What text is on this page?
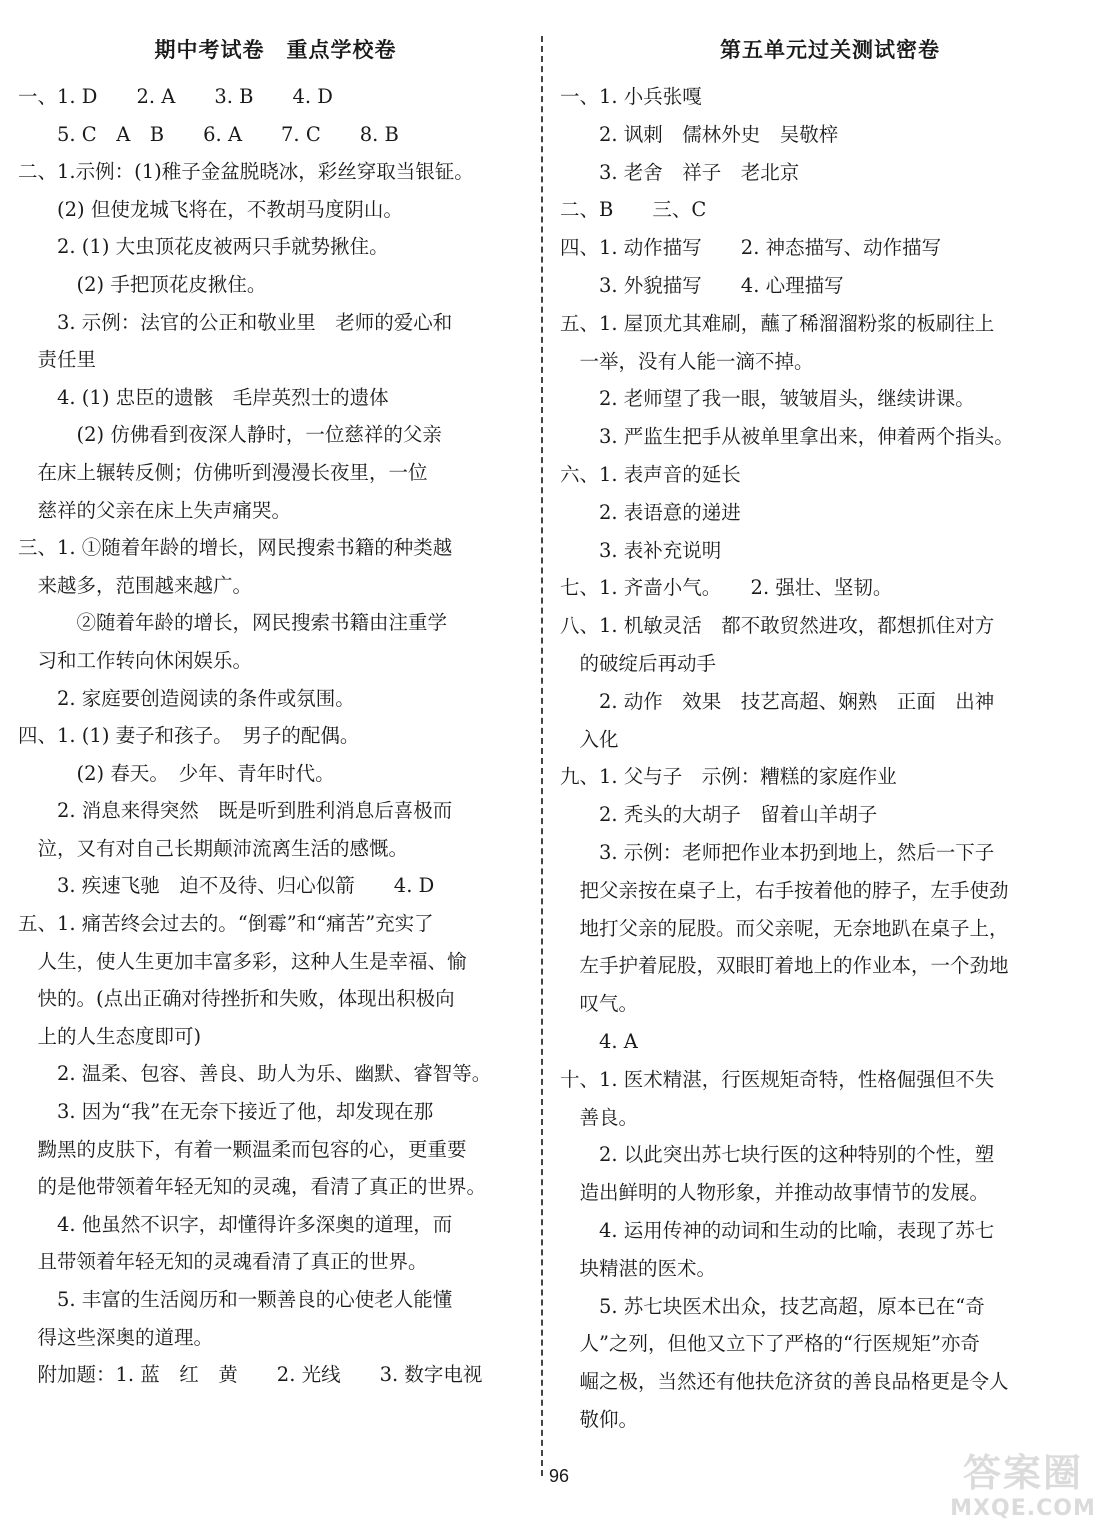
期中考试卷　重点学校卷
一、1. D　　2. A　　3. B　　4. D
　　5. C　A　B　　6. A　　7. C　　8. B
二、1.示例：(1)稚子金盆脱晓冰，彩丝穿取当银钲。
　　(2) 但使龙城飞将在，不教胡马度阴山。
　　2. (1) 大虫顶花皮被两只手就势揪住。
　　　(2) 手把顶花皮揪住。
　　3. 示例：法官的公正和敬业里　老师的爱心和
　责任里
　　4. (1) 忠臣的遗骸　毛岸英烈士的遗体
　　　(2) 仿佛看到夜深人静时，一位慈祥的父亲
　在床上辗转反侧；仿佛听到漫漫长夜里，一位
　慈祥的父亲在床上失声痛哭。
三、1. ①随着年龄的增长，网民搜索书籍的种类越
　来越多，范围越来越广。
　　　②随着年龄的增长，网民搜索书籍由注重学
　习和工作转向休闲娱乐。
　　2. 家庭要创造阅读的条件或氛围。
四、1. (1) 妻子和孩子。　男子的配偶。
　　　(2) 春天。　少年、青年时代。
　　2. 消息来得突然　既是听到胜利消息后喜极而
　泣，又有对自己长期颠沛流离生活的感慨。
　　3. 疾速飞驰　迫不及待、归心似箭　　4. D
五、1. 痛苦终会过去的。“倒霉”和“痛苦”充实了
　人生，使人生更加丰富多彩，这种人生是幸福、愉
　快的。(点出正确对待挫折和失败，体现出积极向
　上的人生态度即可)
　　2. 温柔、包容、善良、助人为乐、幽默、睿智等。
　　3. 因为“我”在无奈下接近了他，却发现在那
　黝黑的皮肤下，有着一颗温柔而包容的心，更重要
　的是他带领着年轻无知的灵魂，看清了真正的世界。
　　4. 他虽然不识字，却懂得许多深奥的道理，而
　且带领着年轻无知的灵魂看清了真正的世界。
　　5. 丰富的生活阅历和一颗善良的心使老人能懂
　得这些深奥的道理。
　附加题：1. 蓝　红　黄　　2. 光线　　3. 数字电视
第五单元过关测试密卷
一、1. 小兵张嘎
　　2. 讽刺　儒林外史　吴敬梓
　　3. 老舍　祥子　老北京
二、B　　三、C
四、1. 动作描写　　2. 神态描写、动作描写
　　3. 外貌描写　　4. 心理描写
五、1. 屋顶尤其难刷，蘸了稀溜溜粉浆的板刷往上
　一举，没有人能一滴不掉。
　　2. 老师望了我一眼，皱皱眉头，继续讲课。
　　3. 严监生把手从被单里拿出来，伸着两个指头。
六、1. 表声音的延长
　　2. 表语意的递进
　　3. 表补充说明
七、1. 齐啬小气。　　2. 强壮、坚韧。
八、1. 机敏灵活　都不敢贸然进攻，都想抓住对方
　的破绽后再动手
　　2. 动作　效果　技艺高超、娴熟　正面　出神
　入化
九、1. 父与子　示例：糟糕的家庭作业
　　2. 秃头的大胡子　留着山羊胡子
　　3. 示例：老师把作业本扔到地上，然后一下子
　把父亲按在桌子上，右手按着他的脖子，左手使劲
　地打父亲的屁股。而父亲呢，无奈地趴在桌子上，
　左手护着屁股，双眼盯着地上的作业本，一个劲地
　叹气。
　　4. A
十、1. 医术精湛，行医规矩奇特，性格倔强但不失
　善良。
　　2. 以此突出苏七块行医的这种特别的个性，塑
　造出鲜明的人物形象，并推动故事情节的发展。
　　4. 运用传神的动词和生动的比喻，表现了苏七
　块精湛的医术。
　　5. 苏七块医术出众，技艺高超，原本已在“奇
　人”之列，但他又立下了严格的“行医规矩”亦奇
　崛之极，当然还有他扶危济贫的善良品格更是令人
　敬仰。
96	答案圈
MXQE.COM
